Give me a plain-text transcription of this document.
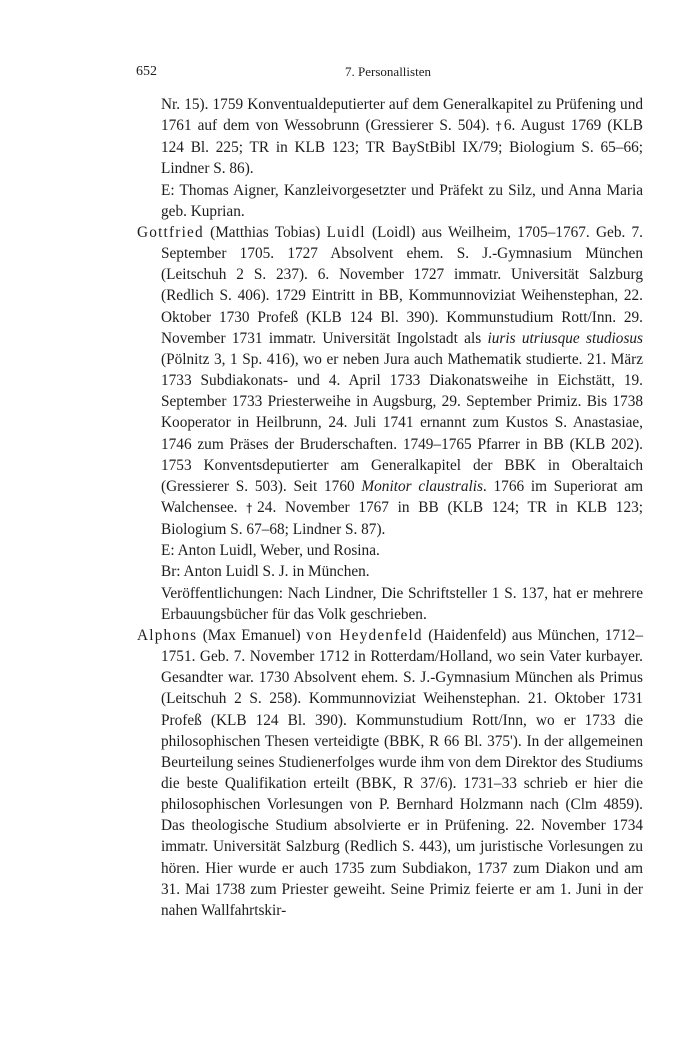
652	7. Personallisten

Nr. 15). 1759 Konventualdeputierter auf dem Generalkapitel zu Prüfening und 1761 auf dem von Wessobrunn (Gressierer S. 504). †6. August 1769 (KLB 124 Bl. 225; TR in KLB 123; TR BayStBibl IX/79; Biologium S. 65–66; Lindner S. 86).

E: Thomas Aigner, Kanzleivorgesetzter und Präfekt zu Silz, und Anna Maria geb. Kuprian.

Gottfried (Matthias Tobias) Luidl (Loidl) aus Weilheim, 1705–1767. Geb. 7. September 1705. 1727 Absolvent ehem. S. J.-Gymnasium München (Leitschuh 2 S. 237). 6. November 1727 immatr. Universität Salzburg (Redlich S. 406). 1729 Eintritt in BB, Kommunnoviziat Weihenstephan, 22. Oktober 1730 Profeß (KLB 124 Bl. 390). Kommunstudium Rott/Inn. 29. November 1731 immatr. Universität Ingolstadt als iuris utriusque studiosus (Pölnitz 3, 1 Sp. 416), wo er neben Jura auch Mathematik studierte. 21. März 1733 Subdiakonats- und 4. April 1733 Diakonatsweihe in Eichstätt, 19. September 1733 Priesterweihe in Augsburg, 29. September Primiz. Bis 1738 Kooperator in Heilbrunn, 24. Juli 1741 ernannt zum Kustos S. Anastasiae, 1746 zum Präses der Bruderschaften. 1749–1765 Pfarrer in BB (KLB 202). 1753 Konventsdeputierter am Generalkapitel der BBK in Oberaltaich (Gressierer S. 503). Seit 1760 Monitor claustralis. 1766 im Superiorat am Walchensee. †24. November 1767 in BB (KLB 124; TR in KLB 123; Biologium S. 67–68; Lindner S. 87).

E: Anton Luidl, Weber, und Rosina.

Br: Anton Luidl S. J. in München.

Veröffentlichungen: Nach Lindner, Die Schriftsteller 1 S. 137, hat er mehrere Erbauungsbücher für das Volk geschrieben.

Alphons (Max Emanuel) von Heydenfeld (Haidenfeld) aus München, 1712–1751. Geb. 7. November 1712 in Rotterdam/Holland, wo sein Vater kurbayer. Gesandter war. 1730 Absolvent ehem. S. J.-Gymnasium München als Primus (Leitschuh 2 S. 258). Kommunnoviziat Weihenstephan. 21. Oktober 1731 Profeß (KLB 124 Bl. 390). Kommunstudium Rott/Inn, wo er 1733 die philosophischen Thesen verteidigte (BBK, R 66 Bl. 375'). In der allgemeinen Beurteilung seines Studienerfolges wurde ihm von dem Direktor des Studiums die beste Qualifikation erteilt (BBK, R 37/6). 1731–33 schrieb er hier die philosophischen Vorlesungen von P. Bernhard Holzmann nach (Clm 4859). Das theologische Studium absolvierte er in Prüfening. 22. November 1734 immatr. Universität Salzburg (Redlich S. 443), um juristische Vorlesungen zu hören. Hier wurde er auch 1735 zum Subdiakon, 1737 zum Diakon und am 31. Mai 1738 zum Priester geweiht. Seine Primiz feierte er am 1. Juni in der nahen Wallfahrtskir-
